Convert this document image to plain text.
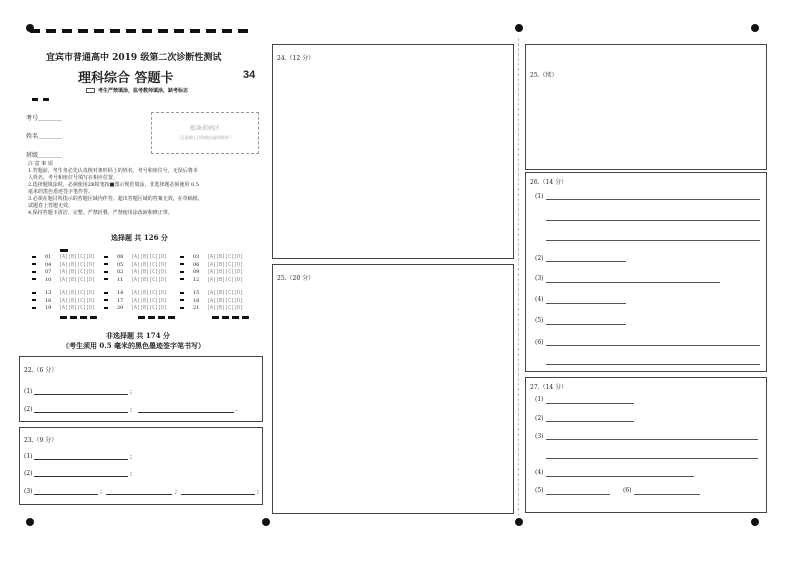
宜宾市普通高中 2019 级第二次诊断性测试
理科综合 答题卡	34
考生严禁填涂，监考教师填涂，缺考标志
考号＿＿＿＿
姓名＿＿＿＿
班级＿＿＿＿
贴条形码区
（正面朝上切勿贴出虚线框外）
注 意 事 项
1.答题前，考生务必先认真核对条形码上的姓名、考号和座位号，无误后将本
人姓名、考号和座位号填写在相应位置。
2.选择题填涂时，必须使用2B铅笔按■图示规范填涂，非选择题必须使用 0.5
毫米的黑色墨迹签字笔作答。
3.必须在题目所指示的答题区域内作答，超出答题区域的答案无效，在草稿纸、
试题卷上答题无效。
4.保持答题卡清洁、完整，严禁折叠，严禁使用涂改液和修正带。
选择题 共 126 分
01 [A][B][C][D]	08 [A][B][C][D]	03 [A][B][C][D]
04 [A][B][C][D]	05 [A][B][C][D]	06 [A][B][C][D]
07 [A][B][C][D]	02 [A][B][C][D]	09 [A][B][C][D]
10 [A][B][C][D]	11 [A][B][C][D]	12 [A][B][C][D]
13 [A][B][C][D]	14 [A][B][C][D]	15 [A][B][C][D]
16 [A][B][C][D]	17 [A][B][C][D]	18 [A][B][C][D]
19 [A][B][C][D]	20 [A][B][C][D]	21 [A][B][C][D]
非选择题 共 174 分
（考生须用 0.5 毫米的黑色墨迹签字笔书写）
22.（6 分）
(1)	;
(2)	;	.
23.（9 分）
(1)	;
(2)	;
(3)	;	;	;
24.（12 分）
25.（20 分）
25.（续）
26.（14 分）
(1)
(2)
(3)
(4)
(5)
(6)
27.（14 分）
(1)
(2)
(3)
(4)
(5)	(6)
